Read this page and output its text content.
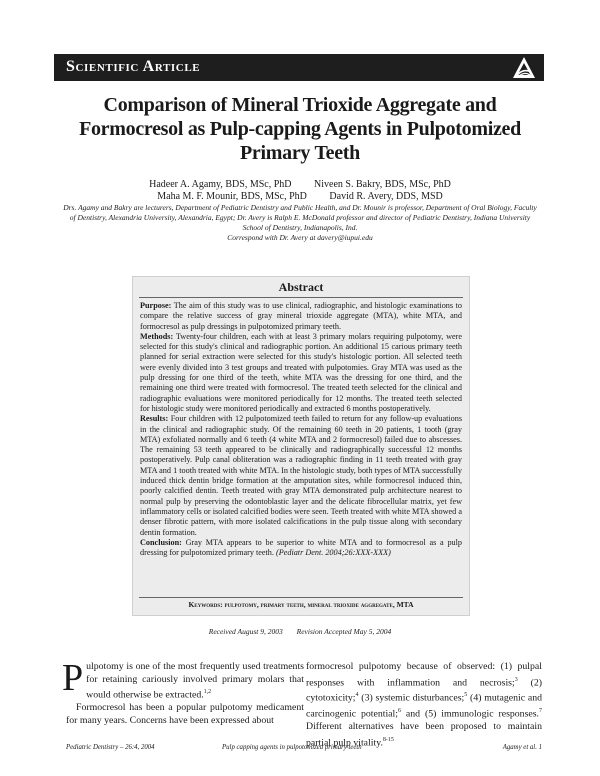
Scientific Article
Comparison of Mineral Trioxide Aggregate and Formocresol as Pulp-capping Agents in Pulpotomized Primary Teeth
Hadeer A. Agamy, BDS, MSc, PhD Niveen S. Bakry, BDS, MSc, PhD
Maha M. F. Mounir, BDS, MSc, PhD David R. Avery, DDS, MSD
Drs. Agamy and Bakry are lecturers, Department of Pediatric Dentistry and Public Health, and Dr. Mounir is professor, Department of Oral Biology, Faculty of Dentistry, Alexandria University, Alexandria, Egypt; Dr. Avery is Ralph E. McDonald professor and director of Pediatric Dentistry, Indiana University School of Dentistry, Indianapolis, Ind.
Correspond with Dr. Avery at davery@iupui.edu
Abstract

Purpose: The aim of this study was to use clinical, radiographic, and histologic examinations to compare the relative success of gray mineral trioxide aggregate (MTA), white MTA, and formocresol as pulp dressings in pulpotomized primary teeth.

Methods: Twenty-four children, each with at least 3 primary molars requiring pulpotomy, were selected for this study's clinical and radiographic portion. An additional 15 carious primary teeth planned for serial extraction were selected for this study's histologic portion. All selected teeth were evenly divided into 3 test groups and treated with pulpotomies. Gray MTA was used as the pulp dressing for one third of the teeth, white MTA was the dressing for one third, and the remaining one third were treated with formocresol. The treated teeth selected for the clinical and radiographic evaluations were monitored periodically for 12 months. The treated teeth selected for histologic study were monitored periodically and extracted 6 months postoperatively.

Results: Four children with 12 pulpotomized teeth failed to return for any follow-up evaluations in the clinical and radiographic study. Of the remaining 60 teeth in 20 patients, 1 tooth (gray MTA) exfoliated normally and 6 teeth (4 white MTA and 2 formocresol) failed due to abscesses. The remaining 53 teeth appeared to be clinically and radiographically successful 12 months postoperatively. Pulp canal obliteration was a radiographic finding in 11 teeth treated with gray MTA and 1 tooth treated with white MTA. In the histologic study, both types of MTA successfully induced thick dentin bridge formation at the amputation sites, while formocresol induced thin, poorly calcified dentin. Teeth treated with gray MTA demonstrated pulp architecture nearest to normal pulp by preserving the odontoblastic layer and the delicate fibrocellular matrix, yet few inflammatory cells or isolated calcified bodies were seen. Teeth treated with white MTA showed a denser fibrotic pattern, with more isolated calcifications in the pulp tissue along with secondary dentin formation.

Conclusion: Gray MTA appears to be superior to white MTA and to formocresol as a pulp dressing for pulpotomized primary teeth. (Pediatr Dent. 2004;26:XXX-XXX)

Keywords: pulpotomy, primary teeth, mineral trioxide aggregate, MTA
Received August 9, 2003 Revision Accepted May 5, 2004

Pulpotomy is one of the most frequently used treatments for retaining cariously involved primary molars that would otherwise be extracted.$^{1,2}$

Formocresol has been a popular pulpotomy medicament for many years. Concerns have been expressed about

formocresol pulpotomy because of observed: (1) pulpal responses with inflammation and necrosis;$^3$ (2) cytotoxicity;$^4$ (3) systemic disturbances;$^5$ (4) mutagenic and carcinogenic potential;$^6$ and (5) immunologic responses.$^7$ Different alternatives have been proposed to maintain partial pulp vitality.$^{8-15}$

Pediatric Dentistry – 26:4, 2004	Pulp capping agents in pulpotomized primary teeth	Agamy et al. 1
